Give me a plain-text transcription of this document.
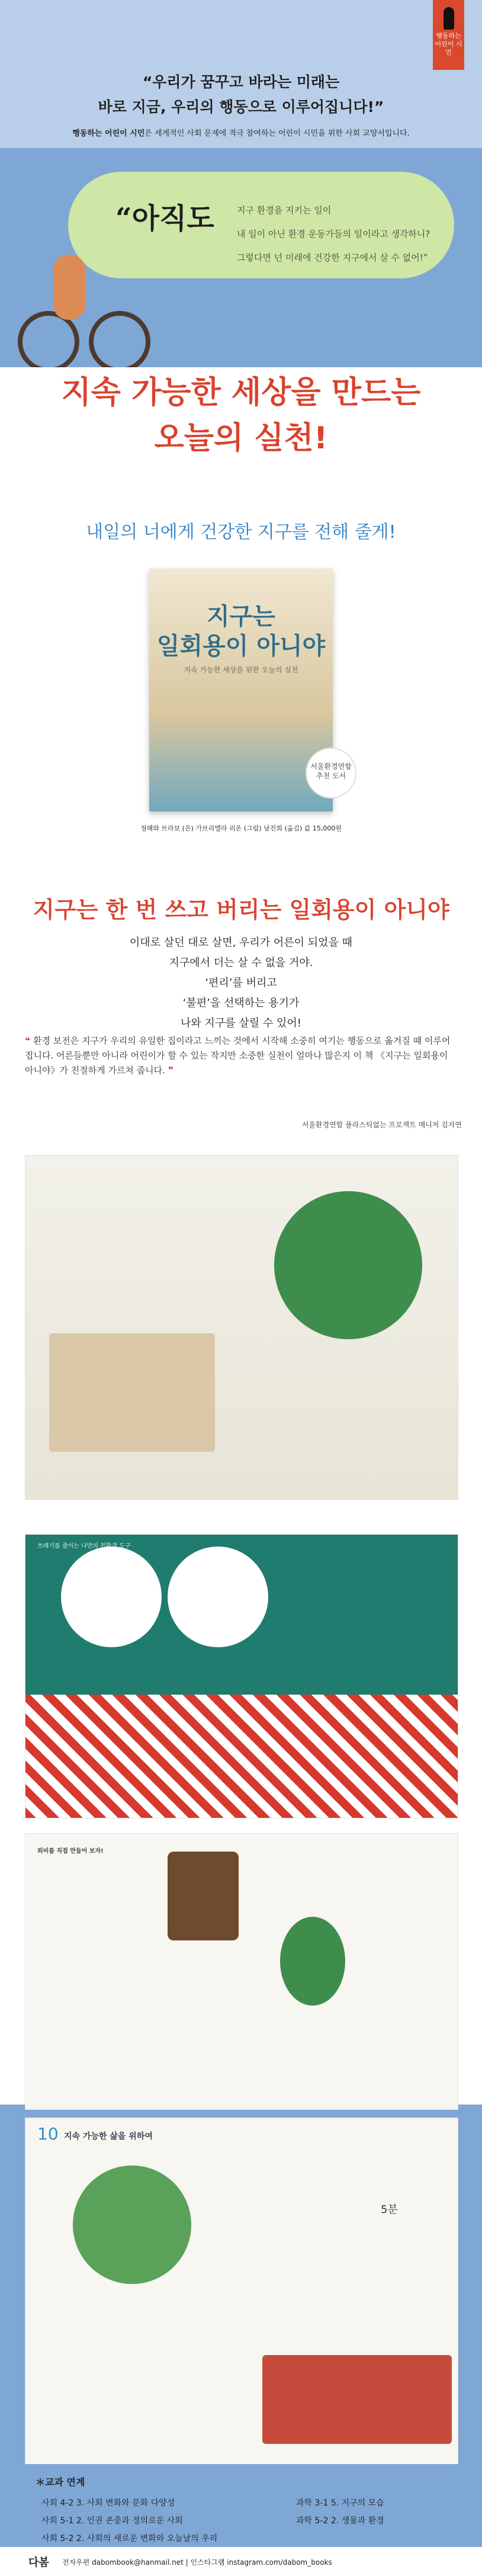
행동하는
어린이 시민
“우리가 꿈꾸고 바라는 미래는
바로 지금, 우리의 행동으로 이루어집니다!”
행동하는 어린이 시민은 세계적인 사회 문제에 적극 참여하는 어린이 시민을 위한 사회 교양서입니다.
“아직도	지구 환경을 지키는 일이
내 일이 아닌 환경 운동가들의 일이라고 생각하니?
그렇다면 넌 미래에 건강한 지구에서 살 수 없어!”
지속 가능한 세상을 만드는
오늘의 실천!
내일의 너에게 건강한 지구를 전해 줄게!
지구는
일회용이 아니야
지속 가능한 세상을 위한 오늘의 실천
서울환경연합
추천 도서
정혜와 브라보 (은) 가브리엘라 리온 (그림) 남진희 (옮김) 값 15,000원
지구는 한 번 쓰고 버리는 일회용이 아니야
이대로 살던 대로 살면, 우리가 어른이 되었을 때
지구에서 더는 살 수 없을 거야.
‘편리’를 버리고
‘불편’을 선택하는 용기가
나와 지구를 살릴 수 있어!
❝ 환경 보전은 지구가 우리의 유일한 집이라고 느끼는 것에서 시작해 소중히 여기는 행동으로 옮겨질 때 이루어집니다. 어른들뿐만 아니라 어린이가 할 수 있는 작지만 소중한 실천이 얼마나 많은지 이 책 《지구는 일회용이 아니야》가 친절하게 가르쳐 줍니다. ❞
서울환경연합 플라스틱없는 프로젝트 매니저 김자연
쓰레기를 줄이는 나만의 친환경 도구
퇴비를 직접 만들어 보자!
10 지속 가능한 삶을 위하여
5분
＊교과 연계
사회 4-2 3. 사회 변화와 문화 다양성
사회 5-1 2. 인권 존중과 정의로운 사회
사회 5-2 2. 사회의 새로운 변화와 오늘날의 우리
과학 3-1 5. 지구의 모습
과학 5-2 2. 생물과 환경
다봄 전자우편 dabombook@hanmail.net | 인스타그램 instagram.com/dabom_books
